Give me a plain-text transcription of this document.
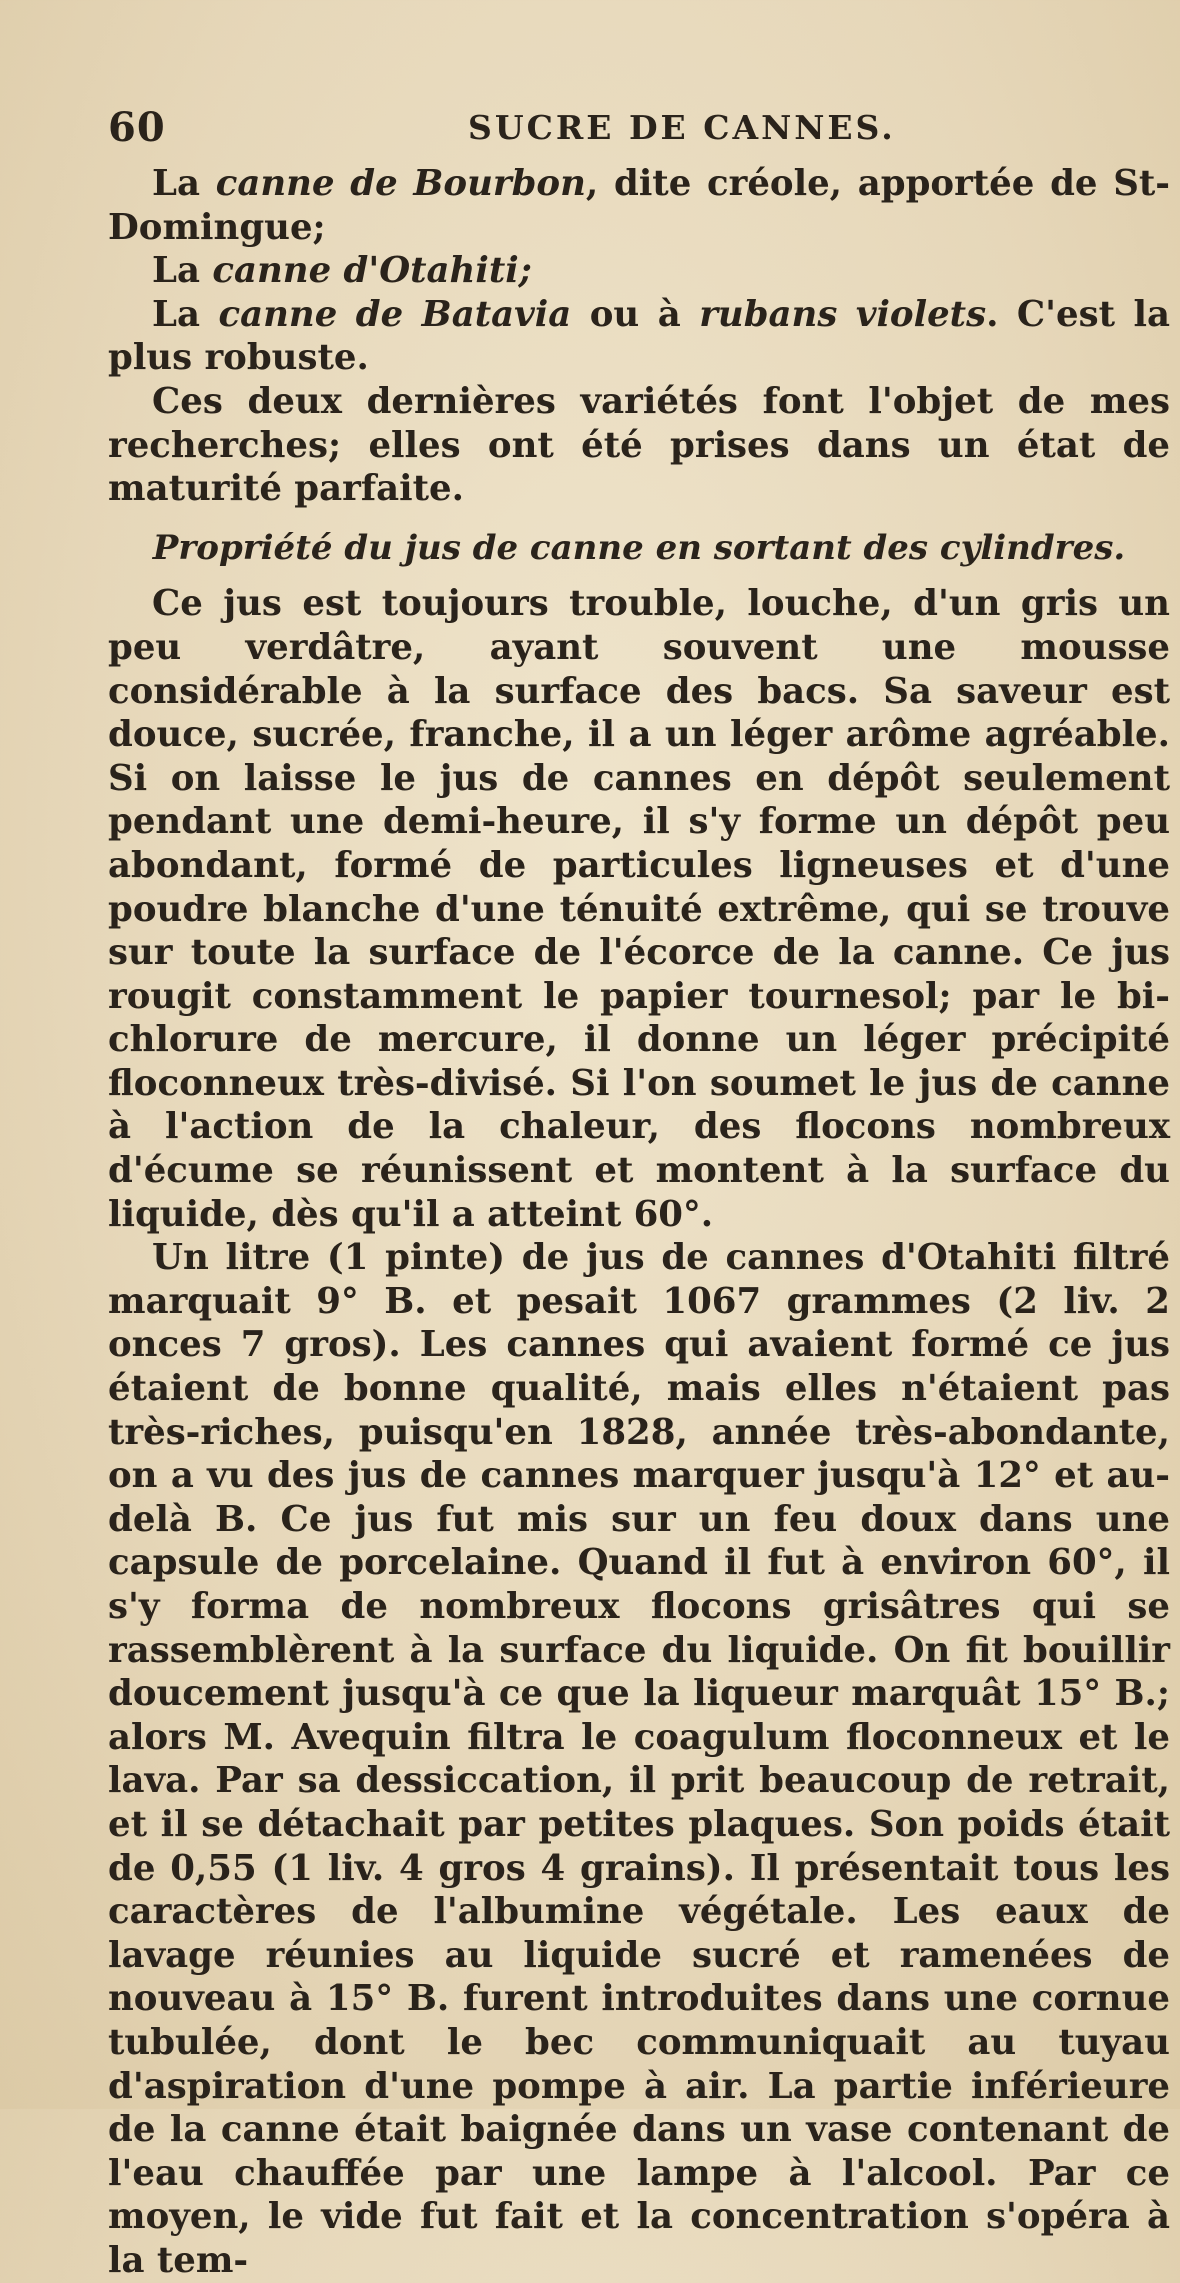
60	SUCRE DE CANNES.

La canne de Bourbon, dite créole, apportée de St-Domingue;

La canne d'Otahiti;

La canne de Batavia ou à rubans violets. C'est la plus robuste.

Ces deux dernières variétés font l'objet de mes recherches; elles ont été prises dans un état de maturité parfaite.

Propriété du jus de canne en sortant des cylindres.

Ce jus est toujours trouble, louche, d'un gris un peu verdâtre, ayant souvent une mousse considérable à la surface des bacs. Sa saveur est douce, sucrée, franche, il a un léger arôme agréable. Si on laisse le jus de cannes en dépôt seulement pendant une demi-heure, il s'y forme un dépôt peu abondant, formé de particules ligneuses et d'une poudre blanche d'une ténuité extrême, qui se trouve sur toute la surface de l'écorce de la canne. Ce jus rougit constamment le papier tournesol; par le bi-chlorure de mercure, il donne un léger précipité floconneux très-divisé. Si l'on soumet le jus de canne à l'action de la chaleur, des flocons nombreux d'écume se réunissent et montent à la surface du liquide, dès qu'il a atteint 60°.

Un litre (1 pinte) de jus de cannes d'Otahiti filtré marquait 9° B. et pesait 1067 grammes (2 liv. 2 onces 7 gros). Les cannes qui avaient formé ce jus étaient de bonne qualité, mais elles n'étaient pas très-riches, puisqu'en 1828, année très-abondante, on a vu des jus de cannes marquer jusqu'à 12° et au-delà B. Ce jus fut mis sur un feu doux dans une capsule de porcelaine. Quand il fut à environ 60°, il s'y forma de nombreux flocons grisâtres qui se rassemblèrent à la surface du liquide. On fit bouillir doucement jusqu'à ce que la liqueur marquât 15° B.; alors M. Avequin filtra le coagulum floconneux et le lava. Par sa dessiccation, il prit beaucoup de retrait, et il se détachait par petites plaques. Son poids était de 0,55 (1 liv. 4 gros 4 grains). Il présentait tous les caractères de l'albumine végétale. Les eaux de lavage réunies au liquide sucré et ramenées de nouveau à 15° B. furent introduites dans une cornue tubulée, dont le bec communiquait au tuyau d'aspiration d'une pompe à air. La partie inférieure de la canne était baignée dans un vase contenant de l'eau chauffée par une lampe à l'alcool. Par ce moyen, le vide fut fait et la concentration s'opéra à la tem-
